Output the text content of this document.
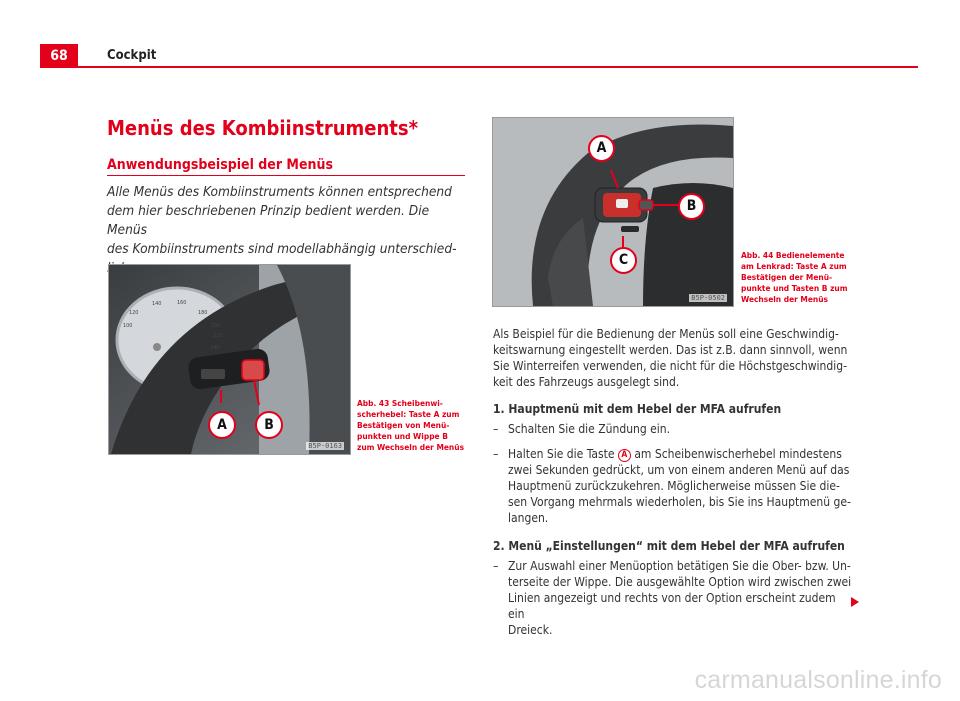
68	Cockpit
Menüs des Kombiinstruments*
Anwendungsbeispiel der Menüs
Alle Menüs des Kombiinstruments können entsprechend
dem hier beschriebenen Prinzip bedient werden. Die Menüs
des Kombiinstruments sind modellabhängig unterschied-
100
120
140	160
180
200
210
240
A	B
B5P-0163
Abb. 43 Scheibenwi-
scherhebel: Taste A zum
Bestätigen von Menü-
punkten und Wippe B
zum Wechseln der Menüs
A
B
C
B5P-0502
Abb. 44 Bedienelemente
am Lenkrad: Taste A zum
Bestätigen der Menü-
punkte und Tasten B zum
Wechseln der Menüs

Als Beispiel für die Bedienung der Menüs soll eine Geschwindig-
keitswarnung eingestellt werden. Das ist z.B. dann sinnvoll, wenn
Sie Winterreifen verwenden, die nicht für die Höchstgeschwindig-
keit des Fahrzeugs ausgelegt sind.

1. Hauptmenü mit dem Hebel der MFA aufrufen
– Schalten Sie die Zündung ein.
– Halten Sie die Taste A am Scheibenwischerhebel mindestens
zwei Sekunden gedrückt, um von einem anderen Menü auf das
Hauptmenü zurückzukehren. Möglicherweise müssen Sie die-
sen Vorgang mehrmals wiederholen, bis Sie ins Hauptmenü ge-
langen.
2. Menü „Einstellungen“ mit dem Hebel der MFA aufrufen
– Zur Auswahl einer Menüoption betätigen Sie die Ober- bzw. Un-
terseite der Wippe. Die ausgewählte Option wird zwischen zwei
Linien angezeigt und rechts von der Option erscheint zudem ein
Dreieck.
carmanualsonline.info
